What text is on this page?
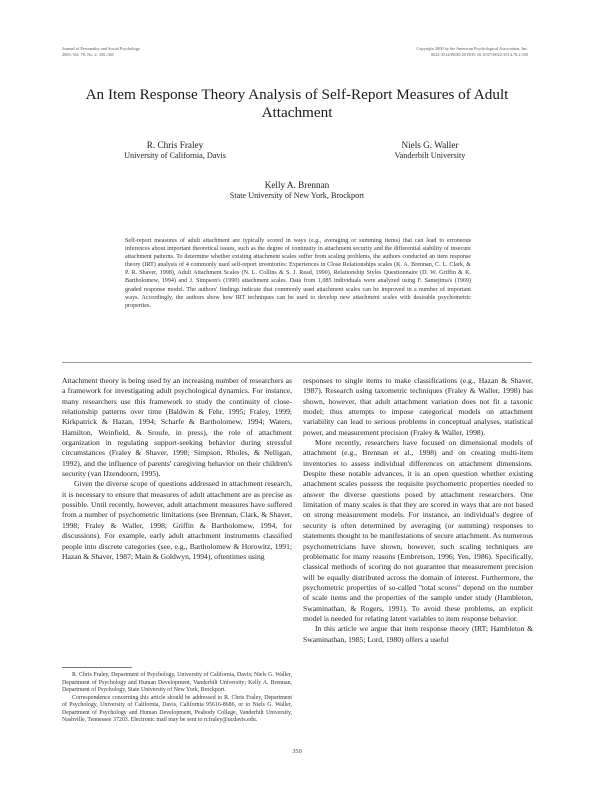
Journal of Personality and Social Psychology
2000, Vol. 78, No. 2, 350–365
Copyright 2000 by the American Psychological Association, Inc.
0022-3514/00/$5.00 DOI: 10.1037//0022-3514.78.2.350
An Item Response Theory Analysis of Self-Report Measures of Adult Attachment
R. Chris Fraley
University of California, Davis
Niels G. Waller
Vanderbilt University
Kelly A. Brennan
State University of New York, Brockport
Self-report measures of adult attachment are typically scored in ways (e.g., averaging or summing items) that can lead to erroneous inferences about important theoretical issues, such as the degree of continuity in attachment security and the differential stability of insecure attachment patterns. To determine whether existing attachment scales suffer from scaling problems, the authors conducted an item response theory (IRT) analysis of 4 commonly used self-report inventories: Experiences in Close Relationships scales (K. A. Brennan, C. L. Clark, & P. R. Shaver, 1998), Adult Attachment Scales (N. L. Collins & S. J. Read, 1990), Relationship Styles Questionnaire (D. W. Griffin & K. Bartholomew, 1994) and J. Simpson's (1990) attachment scales. Data from 1,085 individuals were analyzed using F. Samejima's (1969) graded response model. The authors' findings indicate that commonly used attachment scales can be improved in a number of important ways. Accordingly, the authors show how IRT techniques can be used to develop new attachment scales with desirable psychometric properties.

Attachment theory is being used by an increasing number of researchers as a framework for investigating adult psychological dynamics. For instance, many researchers use this framework to study the continuity of close-relationship patterns over time (Baldwin & Fehr, 1995; Fraley, 1999; Kirkpatrick & Hazan, 1994; Scharfe & Bartholomew, 1994; Waters, Hamilton, Weinfield, & Sroufe, in press), the role of attachment organization in regulating support-seeking behavior during stressful circumstances (Fraley & Shaver, 1998; Simpson, Rholes, & Nelligan, 1992), and the influence of parents' caregiving behavior on their children's security (van IJzendoorn, 1995).

Given the diverse scope of questions addressed in attachment research, it is necessary to ensure that measures of adult attachment are as precise as possible. Until recently, however, adult attachment measures have suffered from a number of psychometric limitations (see Brennan, Clark, & Shaver, 1998; Fraley & Waller, 1998; Griffin & Bartholomew, 1994, for discussions). For example, early adult attachment instruments classified people into discrete categories (see, e.g., Bartholomew & Horowitz, 1991; Hazan & Shaver, 1987; Main & Goldwyn, 1994), oftentimes using

R. Chris Fraley, Department of Psychology, University of California, Davis; Niels G. Waller, Department of Psychology and Human Development, Vanderbilt University; Kelly A. Brennan, Department of Psychology, State University of New York, Brockport.

Correspondence concerning this article should be addressed to R. Chris Fraley, Department of Psychology, University of California, Davis, California 95616-8686, or to Niels G. Waller, Department of Psychology and Human Development, Peabody College, Vanderbilt University, Nashville, Tennessee 37203. Electronic mail may be sent to rcfraley@ucdavis.edu.

responses to single items to make classifications (e.g., Hazan & Shaver, 1987). Research using taxometric techniques (Fraley & Waller, 1998) has shown, however, that adult attachment variation does not fit a taxonic model; thus attempts to impose categorical models on attachment variability can lead to serious problems in conceptual analyses, statistical power, and measurement precision (Fraley & Waller, 1998).

More recently, researchers have focused on dimensional models of attachment (e.g., Brennan et al., 1998) and on creating multi-item inventories to assess individual differences on attachment dimensions. Despite these notable advances, it is an open question whether existing attachment scales possess the requisite psychometric properties needed to answer the diverse questions posed by attachment researchers. One limitation of many scales is that they are scored in ways that are not based on strong measurement models. For instance, an individual's degree of security is often determined by averaging (or summing) responses to statements thought to be manifestations of secure attachment. As numerous psychometricians have shown, however, such scaling techniques are problematic for many reasons (Embretson, 1996; Yen, 1986). Specifically, classical methods of scoring do not guarantee that measurement precision will be equally distributed across the domain of interest. Furthermore, the psychometric properties of so-called "total scores" depend on the number of scale items and the properties of the sample under study (Hambleton, Swaminathan, & Rogers, 1991). To avoid these problems, an explicit model is needed for relating latent variables to item response behavior.

In this article we argue that item response theory (IRT; Hambleton & Swaminathan, 1985; Lord, 1980) offers a useful

350
